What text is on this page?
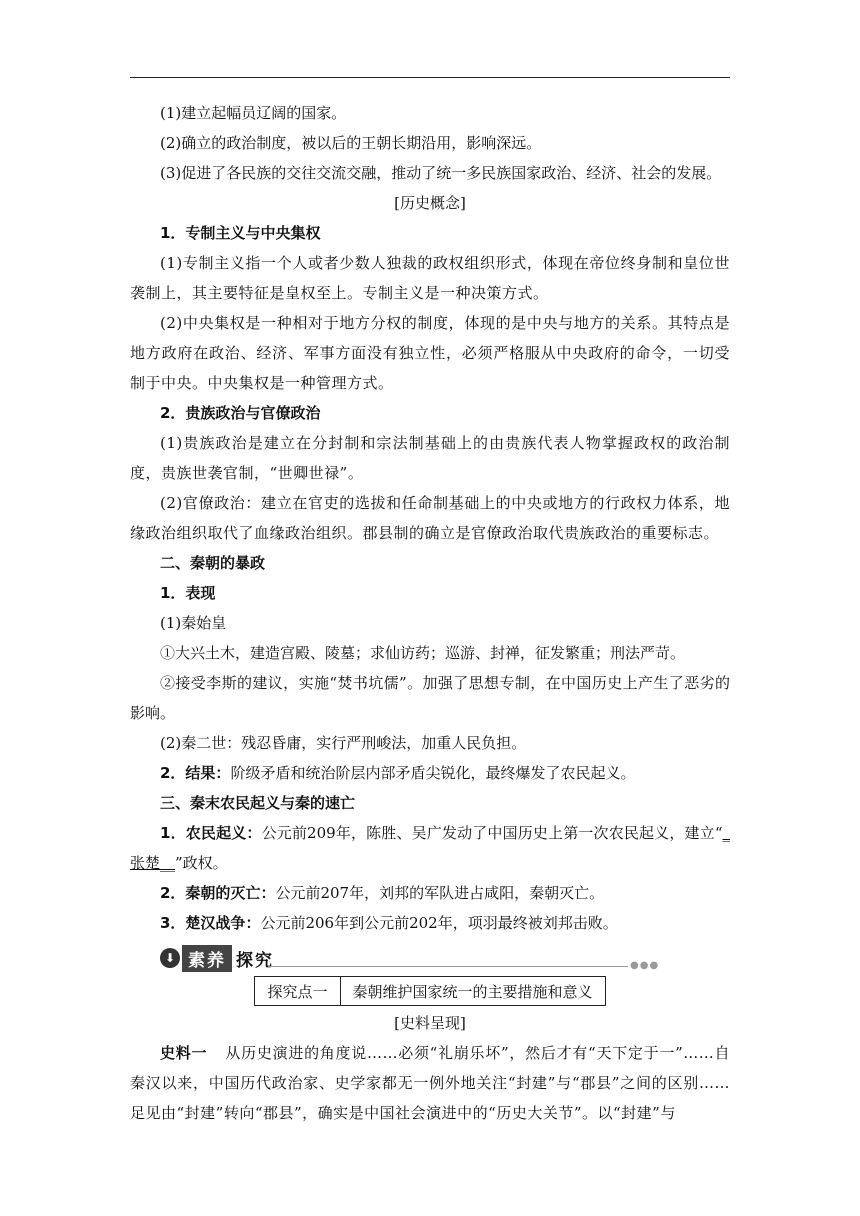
(1)建立起幅员辽阔的国家。

(2)确立的政治制度，被以后的王朝长期沿用，影响深远。

(3)促进了各民族的交往交流交融，推动了统一多民族国家政治、经济、社会的发展。

[历史概念]

1．专制主义与中央集权

(1)专制主义指一个人或者少数人独裁的政权组织形式，体现在帝位终身制和皇位世袭制上，其主要特征是皇权至上。专制主义是一种决策方式。

(2)中央集权是一种相对于地方分权的制度，体现的是中央与地方的关系。其特点是地方政府在政治、经济、军事方面没有独立性，必须严格服从中央政府的命令，一切受制于中央。中央集权是一种管理方式。

2．贵族政治与官僚政治

(1)贵族政治是建立在分封制和宗法制基础上的由贵族代表人物掌握政权的政治制度，贵族世袭官制，“世卿世禄”。

(2)官僚政治：建立在官吏的选拔和任命制基础上的中央或地方的行政权力体系，地缘政治组织取代了血缘政治组织。郡县制的确立是官僚政治取代贵族政治的重要标志。

二、秦朝的暴政

1．表现

(1)秦始皇

①大兴土木，建造宫殿、陵墓；求仙访药；巡游、封禅，征发繁重；刑法严苛。

②接受李斯的建议，实施“焚书坑儒”。加强了思想专制，在中国历史上产生了恶劣的影响。

(2)秦二世：残忍昏庸，实行严刑峻法，加重人民负担。

2．结果：阶级矛盾和统治阶层内部矛盾尖锐化，最终爆发了农民起义。

三、秦末农民起义与秦的速亡

1．农民起义：公元前209年，陈胜、吴广发动了中国历史上第一次农民起义，建立“_张楚__”政权。

2．秦朝的灭亡：公元前207年，刘邦的军队进占咸阳，秦朝灭亡。

3．楚汉战争：公元前206年到公元前202年，项羽最终被刘邦击败。

⬇ 素养 探究	●●●
探究点一	秦朝维护国家统一的主要措施和意义

[史料呈现]

史料一 从历史演进的角度说……必须“礼崩乐坏”，然后才有“天下定于一”……自秦汉以来，中国历代政治家、史学家都无一例外地关注“封建”与“郡县”之间的区别……足见由“封建”转向“郡县”，确实是中国社会演进中的“历史大关节”。以“封建”与
